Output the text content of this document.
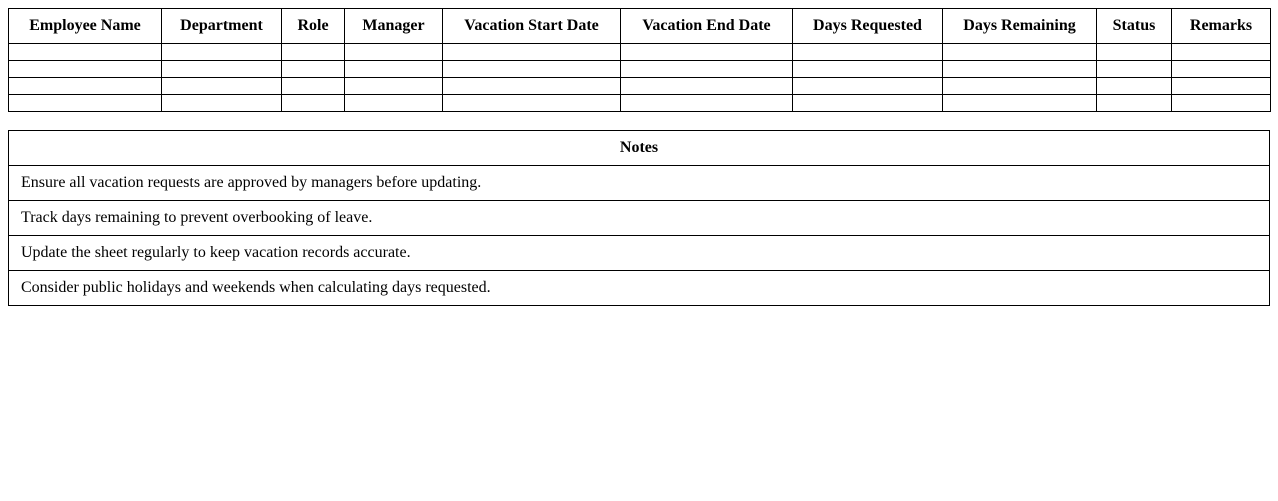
Employee Name	Department	Role	Manager	Vacation Start Date	Vacation End Date	Days Requested	Days Remaining	Status	Remarks

Notes
Ensure all vacation requests are approved by managers before updating.
Track days remaining to prevent overbooking of leave.
Update the sheet regularly to keep vacation records accurate.
Consider public holidays and weekends when calculating days requested.
